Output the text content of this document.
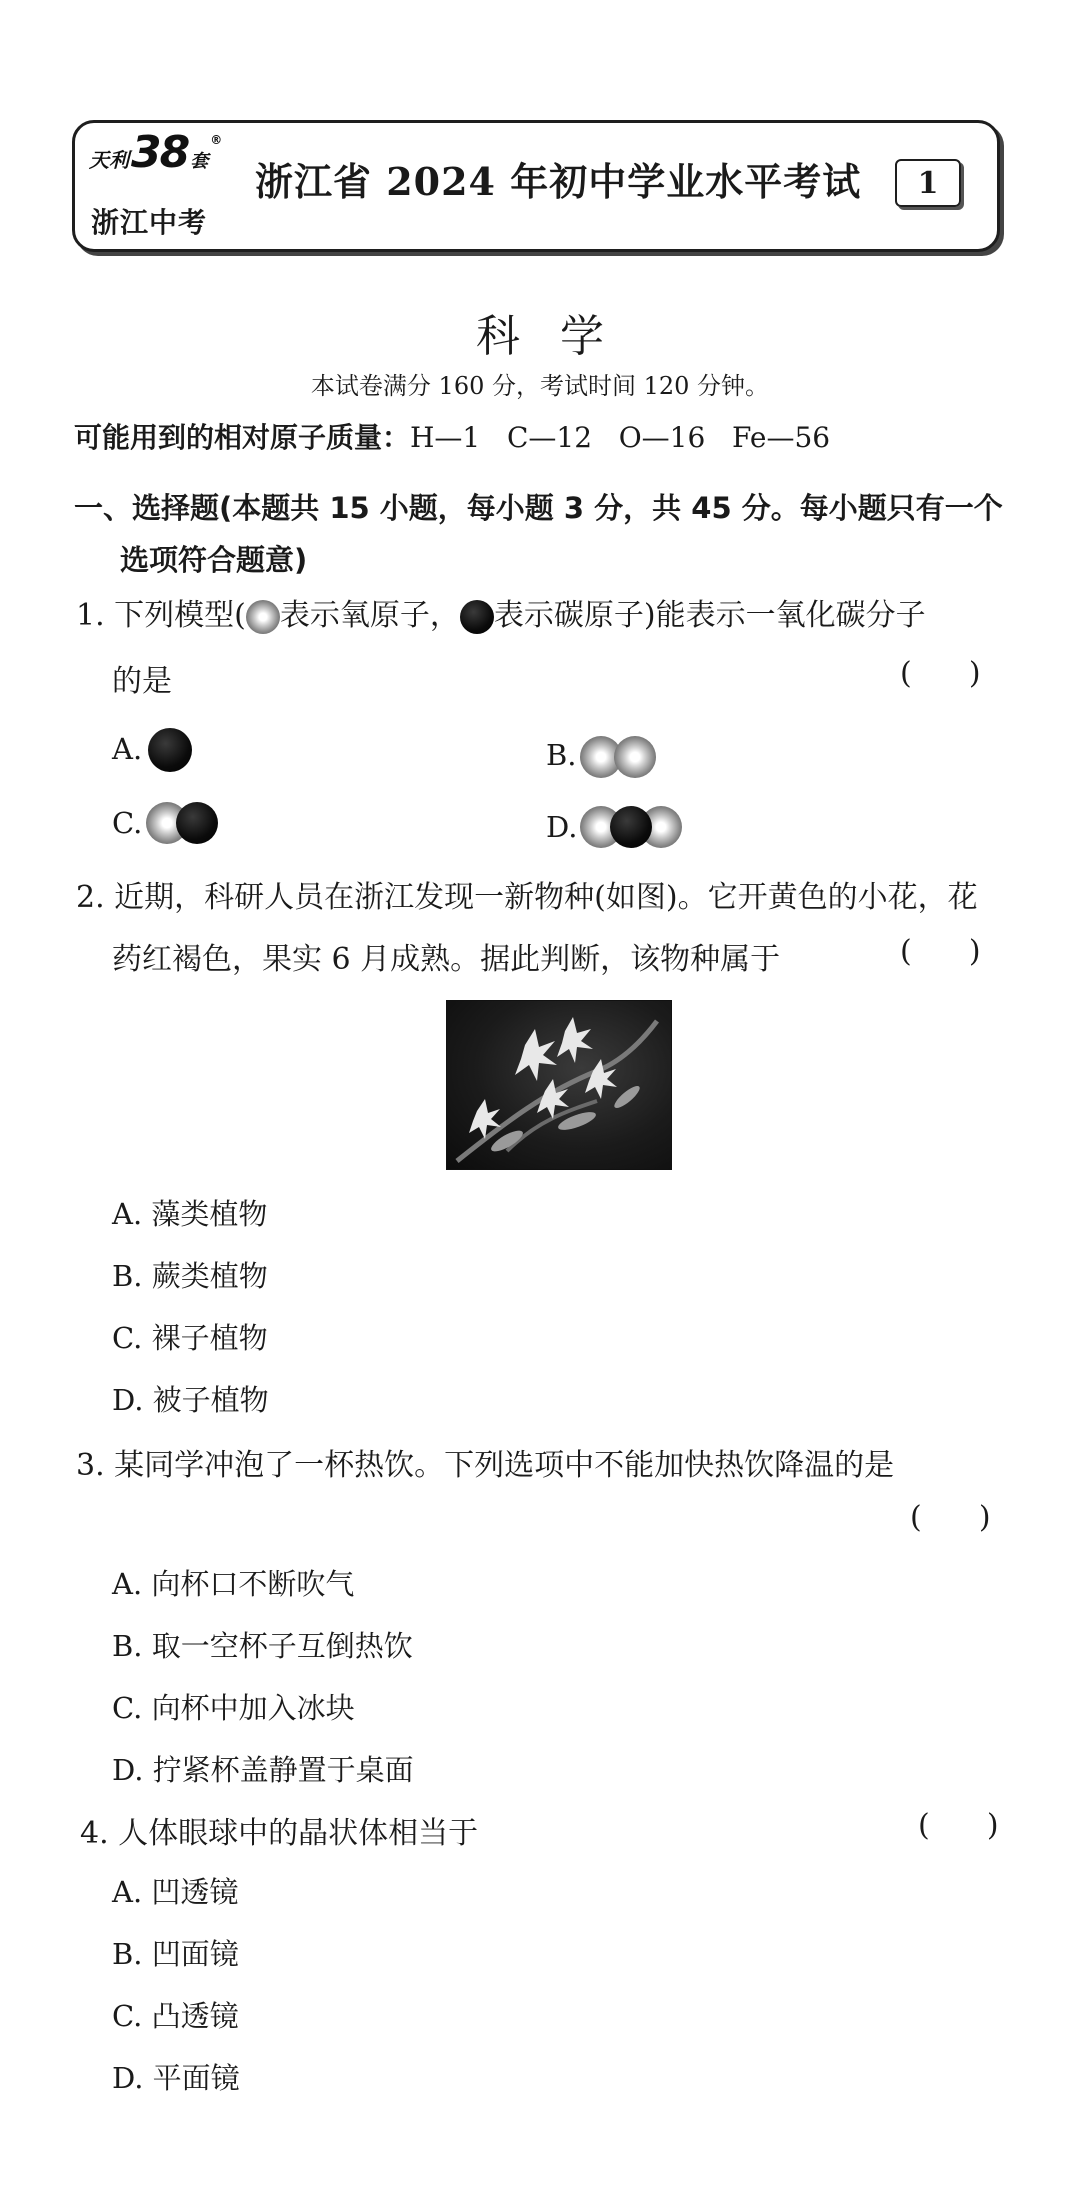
天利 38 套
®
浙江中考
浙江省 2024 年初中学业水平考试 1
科学
本试卷满分 160 分，考试时间 120 分钟。
可能用到的相对原子质量：H—1 C—12 O—16 Fe—56
一、选择题(本题共 15 小题，每小题 3 分，共 45 分。每小题只有一个
选项符合题意)
1. 下列模型( 表示氧原子， 表示碳原子)能表示一氧化碳分子
的是	(      )
A.	B.
C.	D.
2. 近期，科研人员在浙江发现一新物种(如图)。它开黄色的小花，花
药红褐色，果实 6 月成熟。据此判断，该物种属于	(      )
A. 藻类植物
B. 蕨类植物
C. 裸子植物
D. 被子植物
3. 某同学冲泡了一杯热饮。下列选项中不能加快热饮降温的是
(      )
A. 向杯口不断吹气
B. 取一空杯子互倒热饮
C. 向杯中加入冰块
D. 拧紧杯盖静置于桌面
4. 人体眼球中的晶状体相当于	(      )
A. 凹透镜
B. 凹面镜
C. 凸透镜
D. 平面镜
